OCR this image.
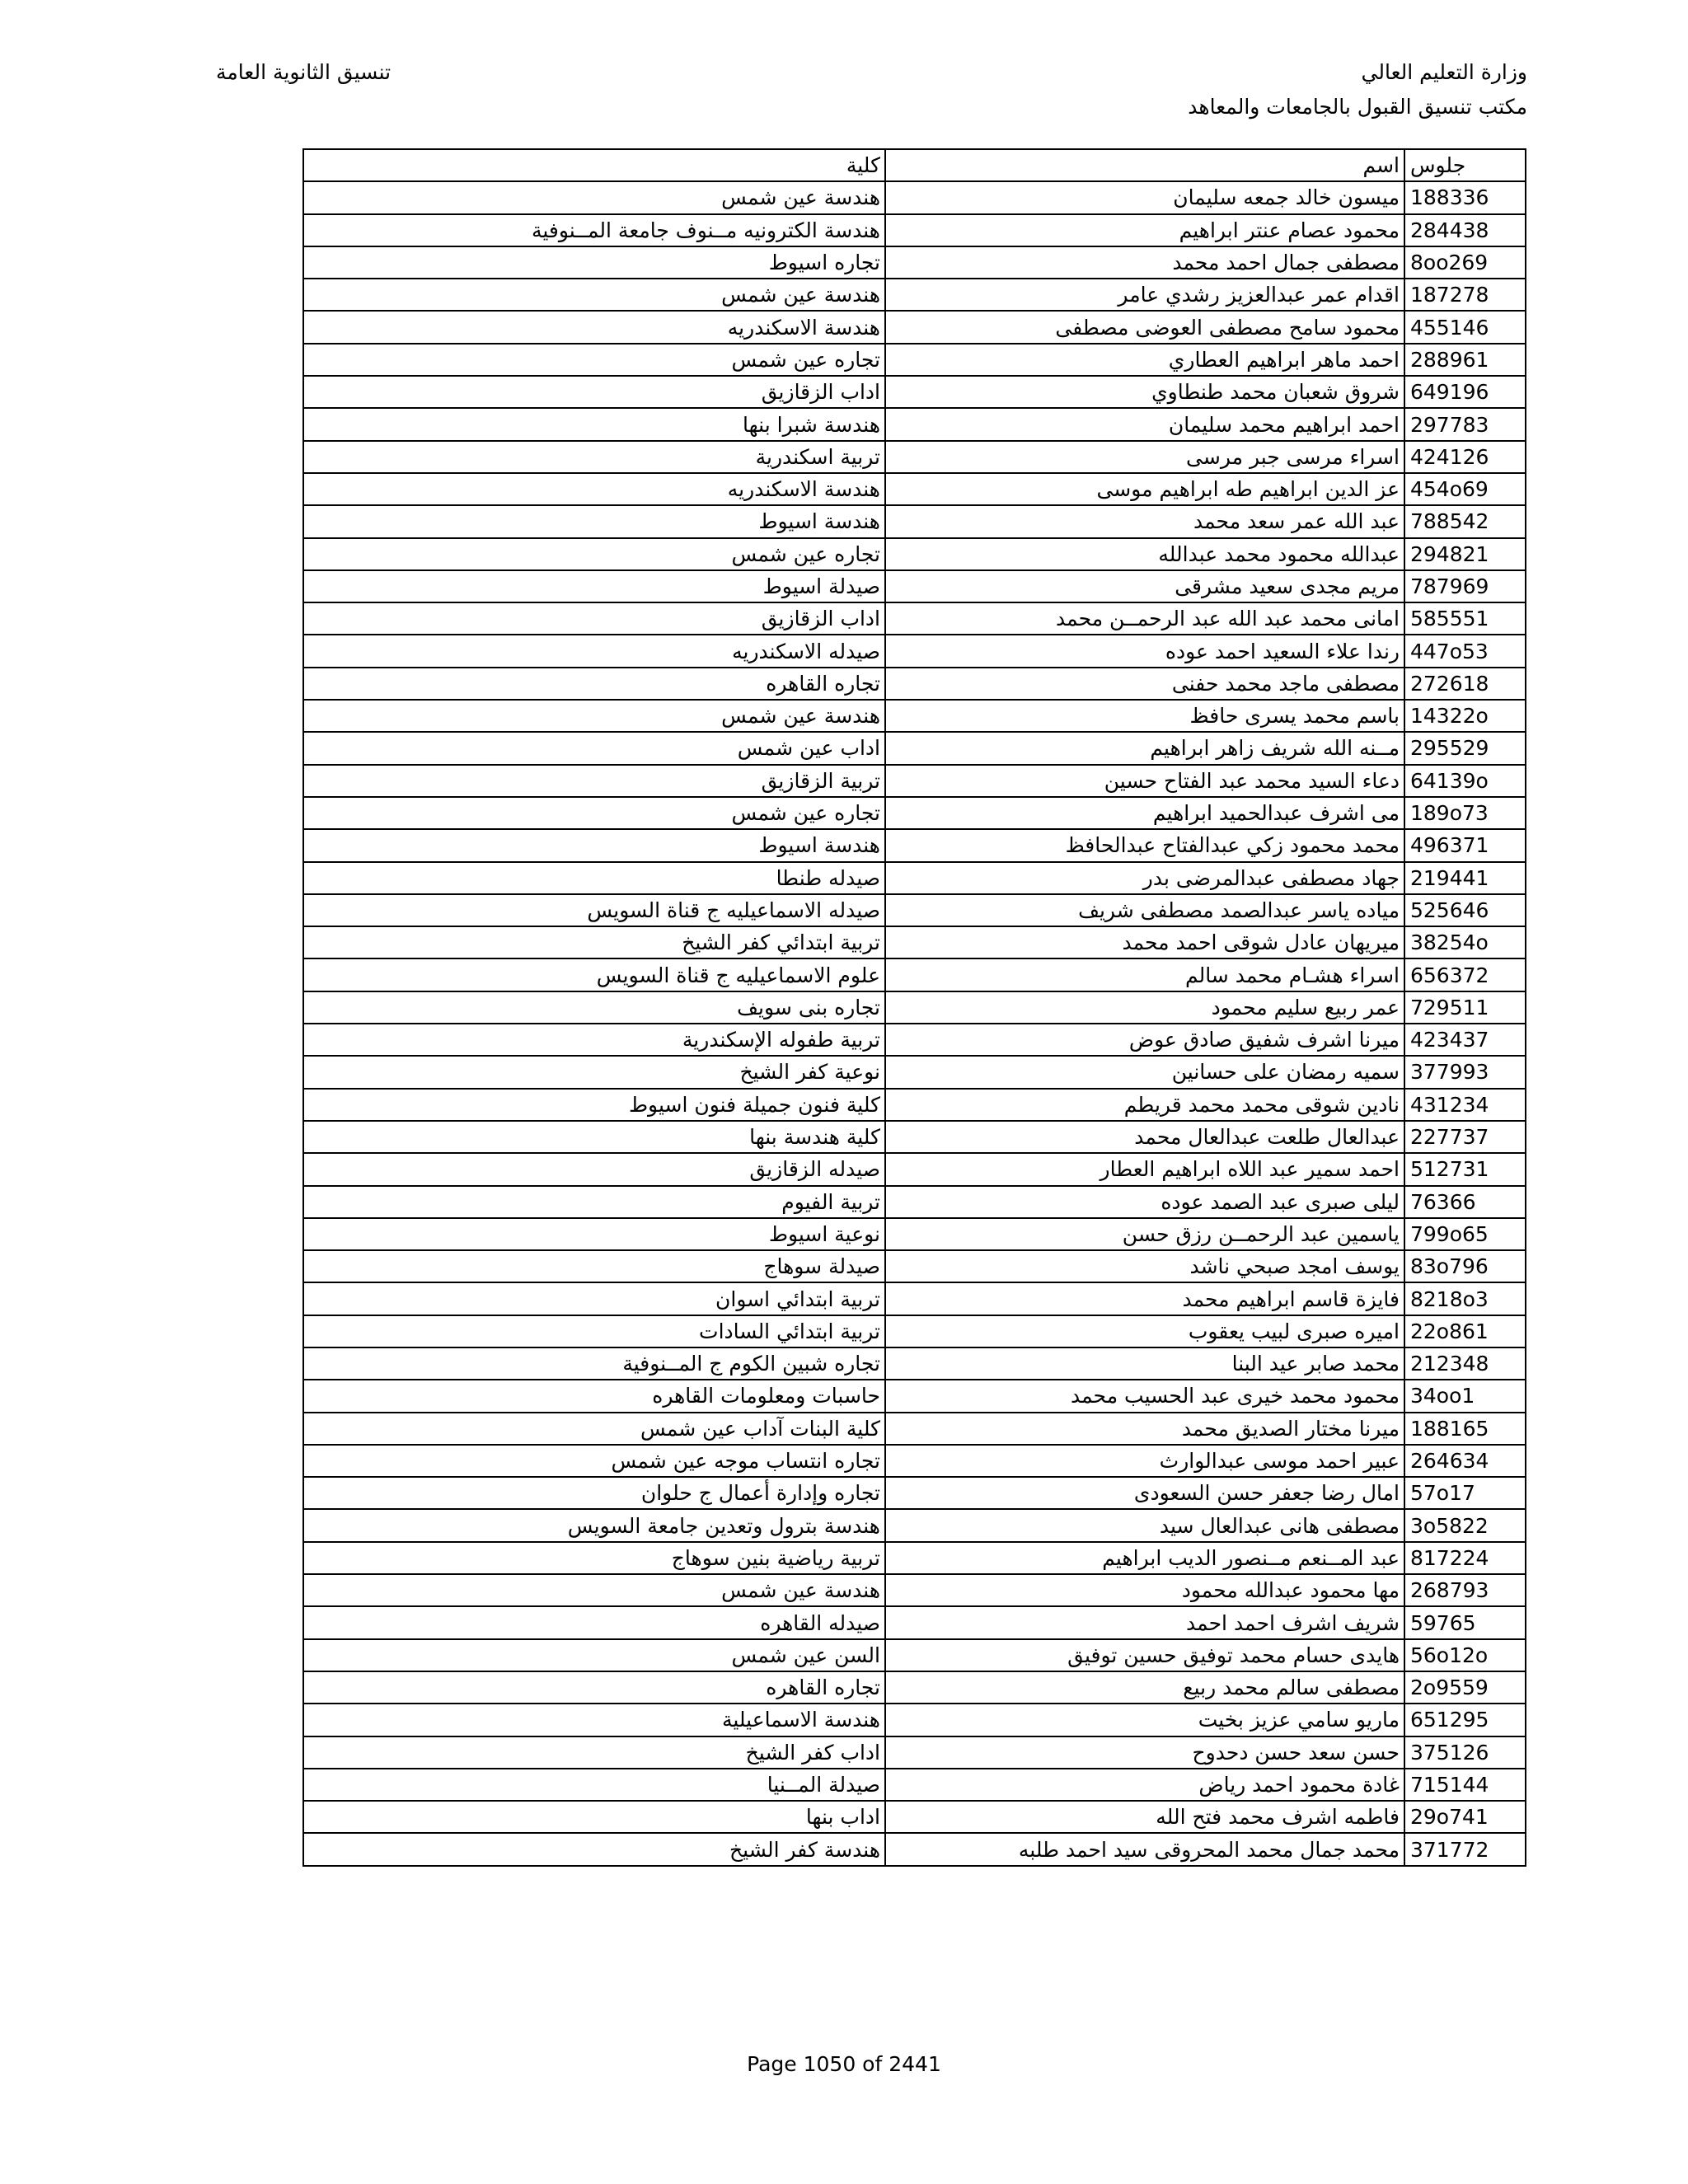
وزارة التعليم العالي
مكتب تنسيق القبول بالجامعات والمعاهد
تنسيق الثانوية العامة
جلوس	اسم	كلية
188336	ميسون خالد جمعه سليمان	هندسة عين شمس
284438	محمود عصام عنتر ابراهيم	هندسة الكترونيه مــنوف جامعة المــنوفية
8oo269	مصطفى جمال احمد محمد	تجاره اسيوط
187278	اقدام عمر عبدالعزيز رشدي عامر	هندسة عين شمس
455146	محمود سامح مصطفى العوضى مصطفى	هندسة الاسكندريه
288961	احمد ماهر ابراهيم العطاري	تجاره عين شمس
649196	شروق شعبان محمد طنطاوي	اداب الزقازيق
297783	احمد ابراهيم محمد سليمان	هندسة شبرا بنها
424126	اسراء مرسى جبر مرسى	تربية اسكندرية
454o69	عز الدين ابراهيم طه ابراهيم موسى	هندسة الاسكندريه
788542	عبد الله عمر سعد محمد	هندسة اسيوط
294821	عبدالله محمود محمد عبدالله	تجاره عين شمس
787969	مريم مجدى سعيد مشرقى	صيدلة اسيوط
585551	امانى محمد عبد الله عبد الرحمــن محمد	اداب الزقازيق
447o53	رندا علاء السعيد احمد عوده	صيدله الاسكندريه
272618	مصطفى ماجد محمد حفنى	تجاره القاهره
14322o	باسم محمد يسرى حافظ	هندسة عين شمس
295529	مــنه الله شريف زاهر ابراهيم	اداب عين شمس
64139o	دعاء السيد محمد عبد الفتاح حسين	تربية الزقازيق
189o73	مى اشرف عبدالحميد ابراهيم	تجاره عين شمس
496371	محمد محمود زكي عبدالفتاح عبدالحافظ	هندسة اسيوط
219441	جهاد مصطفى عبدالمرضى بدر	صيدله طنطا
525646	مياده ياسر عبدالصمد مصطفى شريف	صيدله الاسماعيليه ج قناة السويس
38254o	ميريهان عادل شوقى احمد محمد	تربية ابتدائي كفر الشيخ
656372	اسراء هشـام محمد سالم	علوم الاسماعيليه ج قناة السويس
729511	عمر ربيع سليم محمود	تجاره بنى سويف
423437	ميرنا اشرف شفيق صادق عوض	تربية طفوله الإسكندرية
377993	سميه رمضان على حسانين	نوعية كفر الشيخ
431234	نادين شوقى محمد محمد قريطم	كلية فنون جميلة فنون اسيوط
227737	عبدالعال طلعت عبدالعال محمد	كلية هندسة بنها
512731	احمد سمير عبد اللاه ابراهيم العطار	صيدله الزقازيق
76366	ليلى صبرى عبد الصمد عوده	تربية الفيوم
799o65	ياسمين عبد الرحمــن رزق حسن	نوعية اسيوط
83o796	يوسف امجد صبحي ناشد	صيدلة سوهاج
8218o3	فايزة قاسم ابراهيم محمد	تربية ابتدائي اسوان
22o861	اميره صبرى لبيب يعقوب	تربية ابتدائي السادات
212348	محمد صابر عيد البنا	تجاره شبين الكوم ج المــنوفية
34oo1	محمود محمد خيرى عبد الحسيب محمد	حاسبات ومعلومات القاهره
188165	ميرنا مختار الصديق محمد	كلية البنات آداب عين شمس
264634	عبير احمد موسى عبدالوارث	تجاره انتساب موجه عين شمس
57o17	امال رضا جعفر حسن السعودى	تجاره وإدارة أعمال ج حلوان
3o5822	مصطفى هانى عبدالعال سيد	هندسة بترول وتعدين جامعة السويس
817224	عبد المــنعم مــنصور الديب ابراهيم	تربية رياضية بنين سوهاج
268793	مها محمود عبدالله محمود	هندسة عين شمس
59765	شريف اشرف احمد احمد	صيدله القاهره
56o12o	هايدى حسام محمد توفيق حسين توفيق	السن عين شمس
2o9559	مصطفى سالم محمد ربيع	تجاره القاهره
651295	ماريو سامي عزيز بخيت	هندسة الاسماعيلية
375126	حسن سعد حسن دحدوح	اداب كفر الشيخ
715144	غادة محمود احمد رياض	صيدلة المــنيا
29o741	فاطمه اشرف محمد فتح الله	اداب بنها
371772	محمد جمال محمد المحروقى سيد احمد طلبه	هندسة كفر الشيخ
Page 1050 of 2441
